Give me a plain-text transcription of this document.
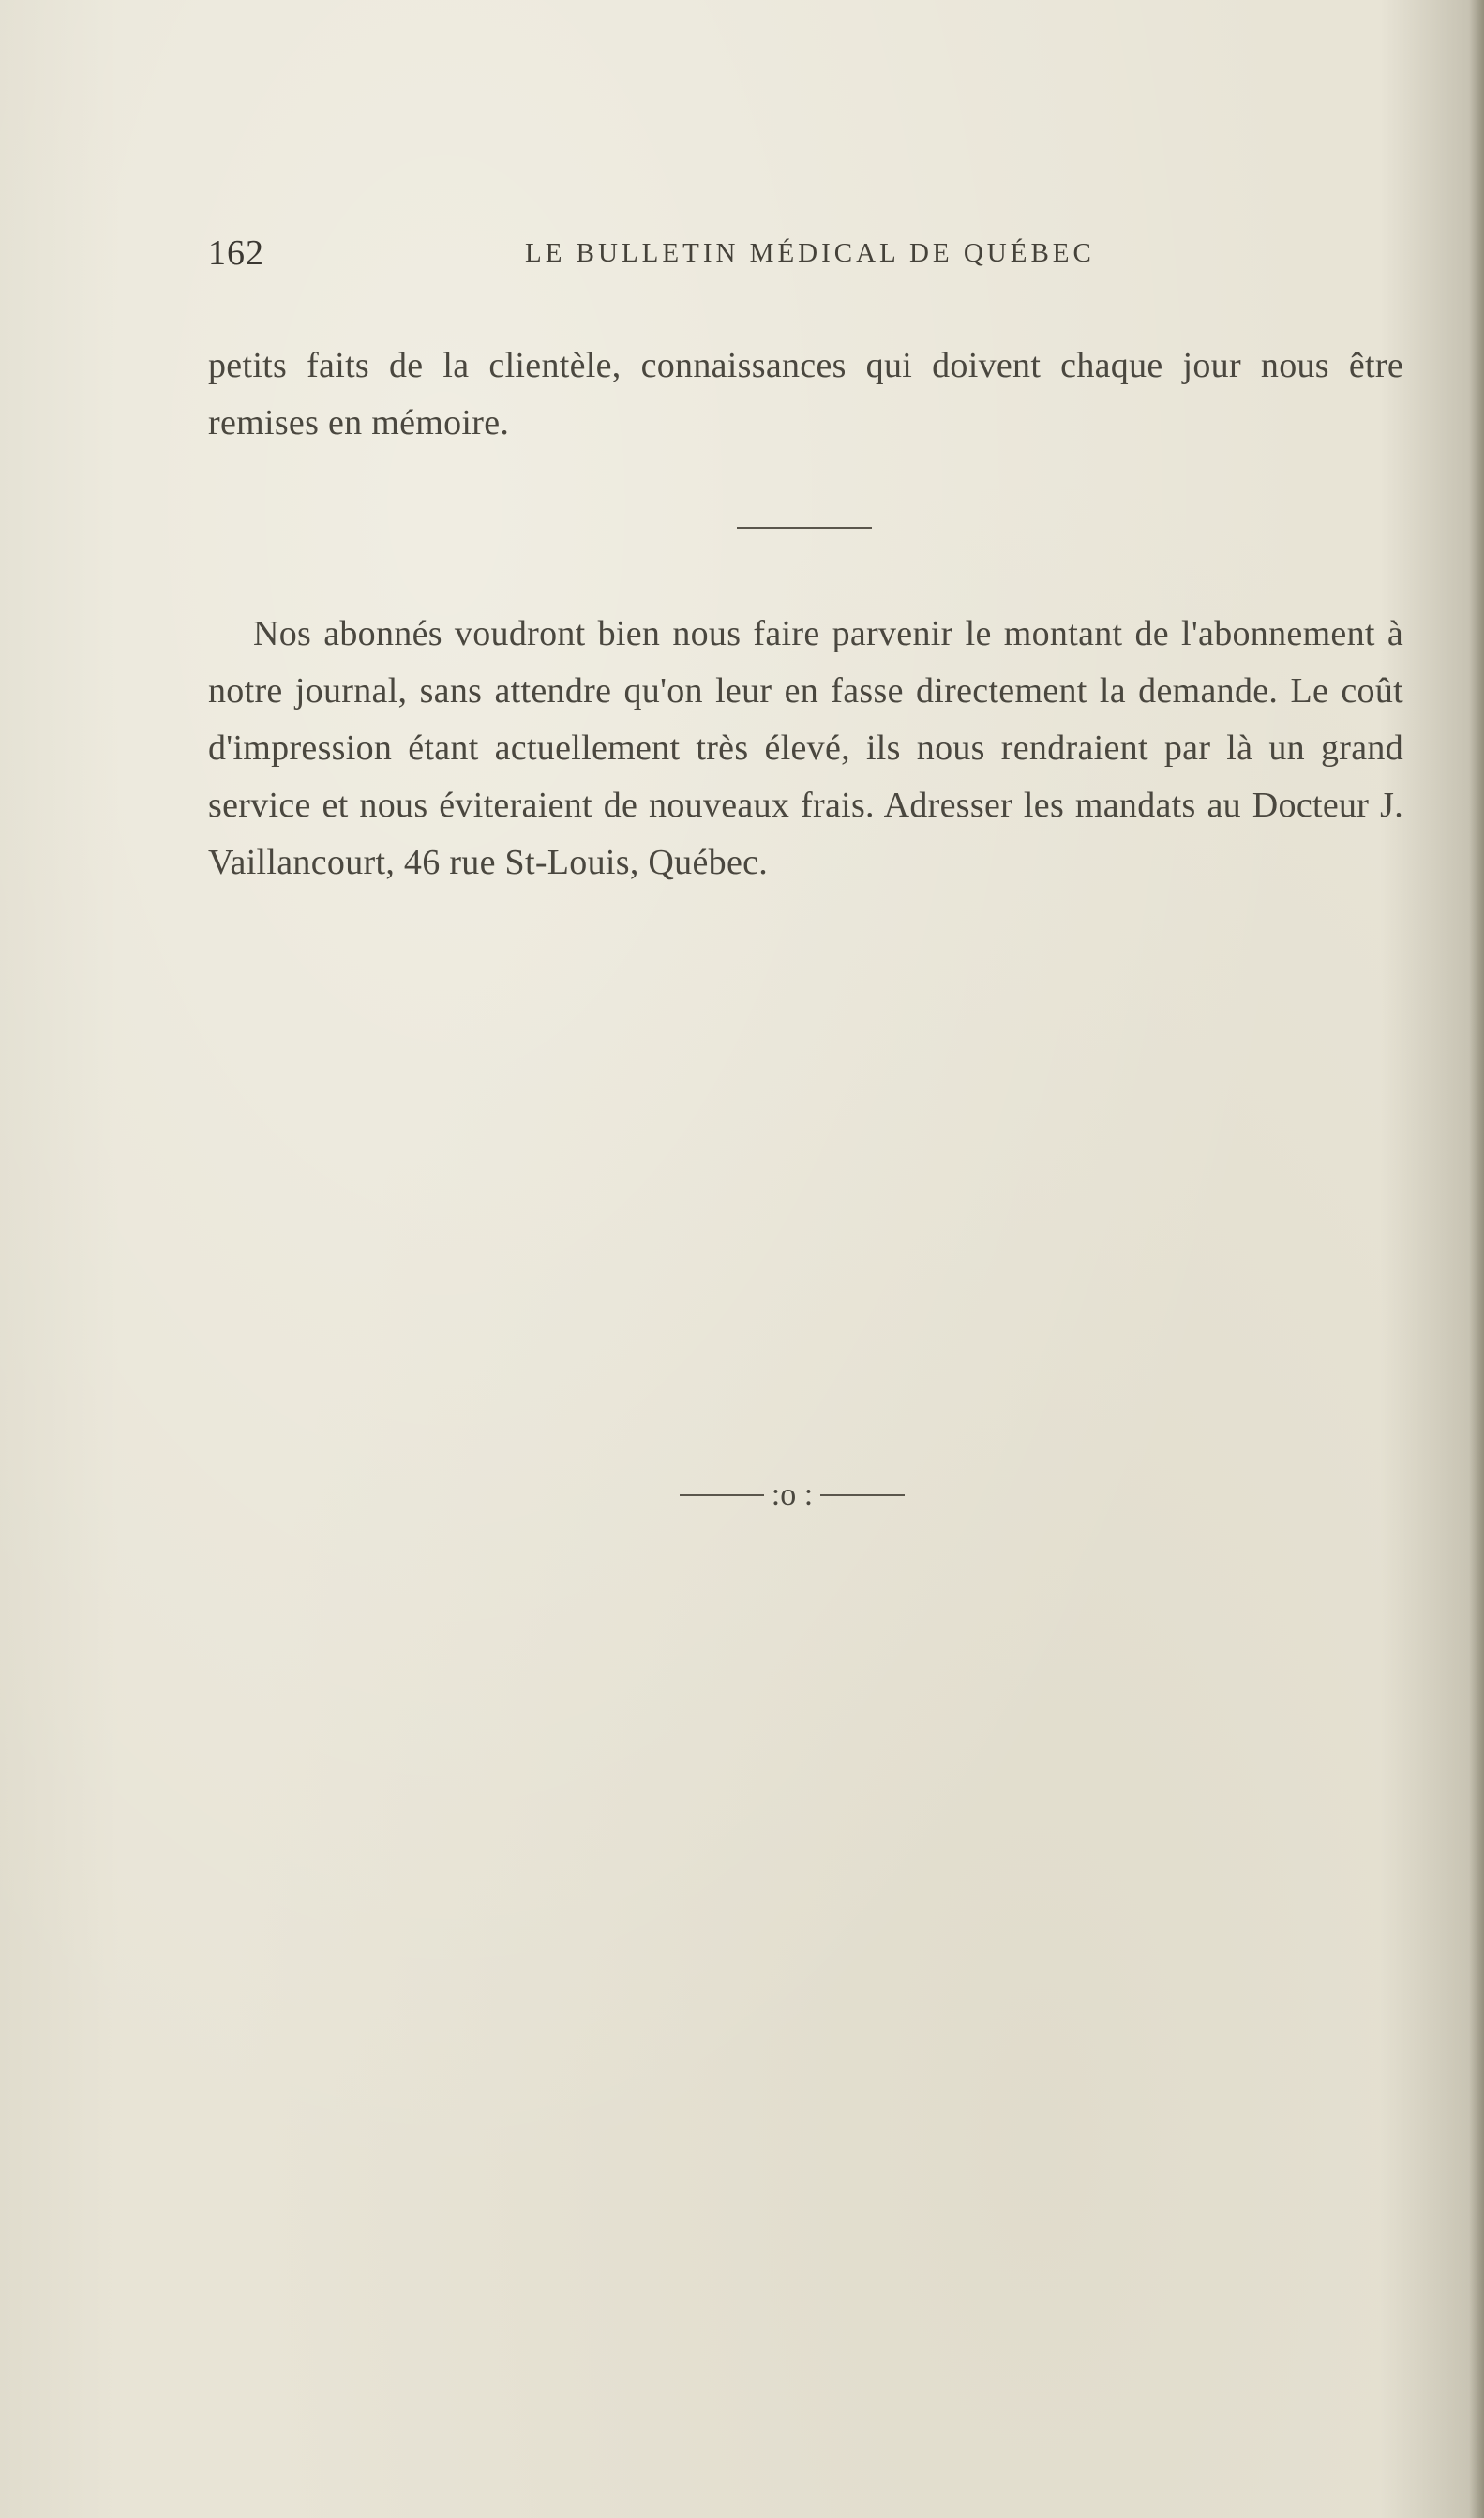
162	LE BULLETIN MÉDICAL DE QUÉBEC

petits faits de la clientèle, connaissances qui doivent chaque jour nous être remises en mémoire.

Nos abonnés voudront bien nous faire parvenir le montant de l'abonnement à notre journal, sans attendre qu'on leur en fasse directement la demande. Le coût d'impression étant actuellement très élevé, ils nous rendraient par là un grand service et nous éviteraient de nouveaux frais. Adresser les mandats au Docteur J. Vaillancourt, 46 rue St-Louis, Québec.

:o :
